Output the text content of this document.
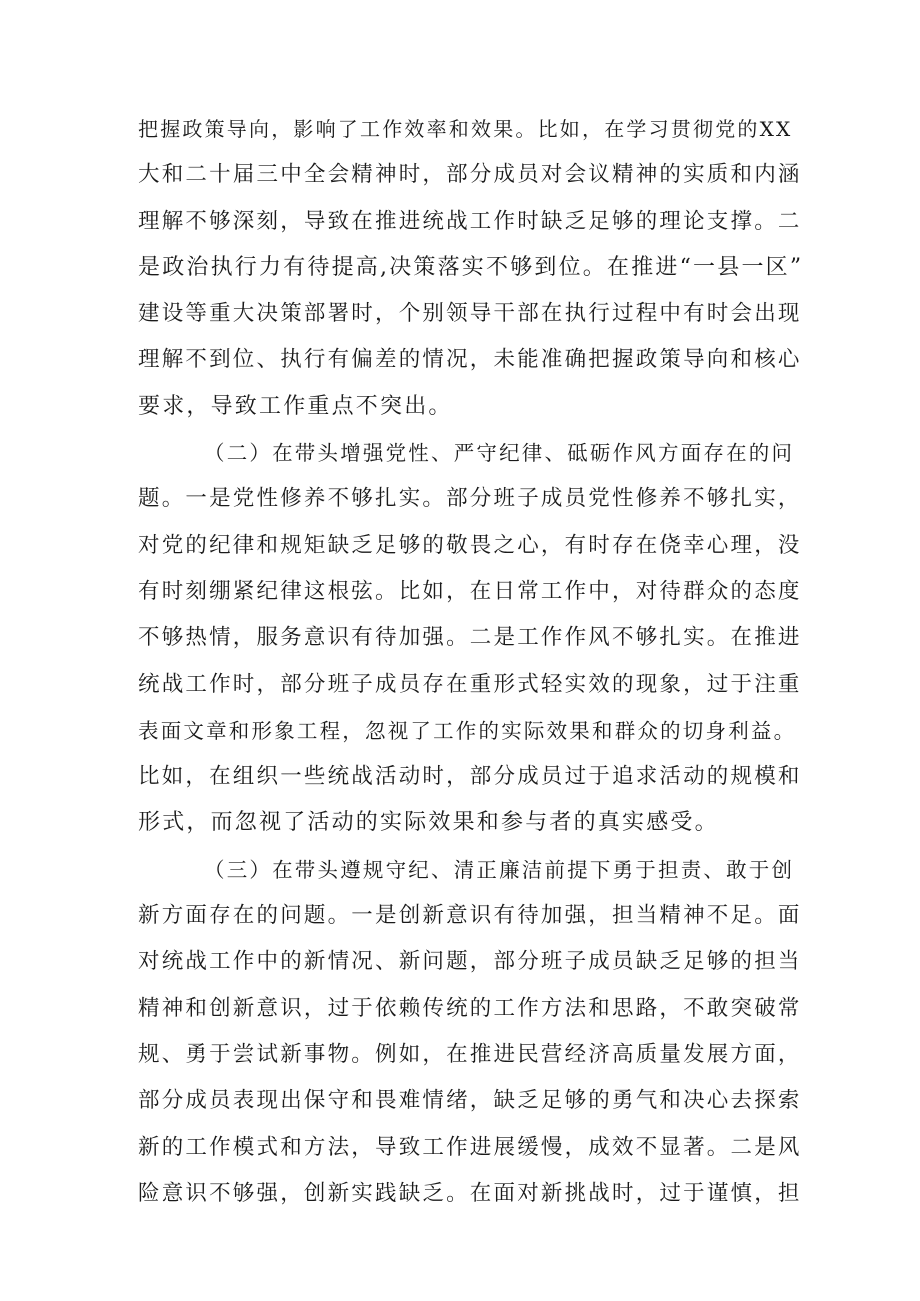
把握政策导向，影响了工作效率和效果。比如，在学习贯彻党的XX
大和二十届三中全会精神时，部分成员对会议精神的实质和内涵
理解不够深刻，导致在推进统战工作时缺乏足够的理论支撑。二
是政治执行力有待提高,决策落实不够到位。在推进“一县一区”
建设等重大决策部署时，个别领导干部在执行过程中有时会出现
理解不到位、执行有偏差的情况，未能准确把握政策导向和核心
要求，导致工作重点不突出。
（二）在带头增强党性、严守纪律、砥砺作风方面存在的问
题。一是党性修养不够扎实。部分班子成员党性修养不够扎实，
对党的纪律和规矩缺乏足够的敬畏之心，有时存在侥幸心理，没
有时刻绷紧纪律这根弦。比如，在日常工作中，对待群众的态度
不够热情，服务意识有待加强。二是工作作风不够扎实。在推进
统战工作时，部分班子成员存在重形式轻实效的现象，过于注重
表面文章和形象工程，忽视了工作的实际效果和群众的切身利益。
比如，在组织一些统战活动时，部分成员过于追求活动的规模和
形式，而忽视了活动的实际效果和参与者的真实感受。
（三）在带头遵规守纪、清正廉洁前提下勇于担责、敢于创
新方面存在的问题。一是创新意识有待加强，担当精神不足。面
对统战工作中的新情况、新问题，部分班子成员缺乏足够的担当
精神和创新意识，过于依赖传统的工作方法和思路，不敢突破常
规、勇于尝试新事物。例如，在推进民营经济高质量发展方面，
部分成员表现出保守和畏难情绪，缺乏足够的勇气和决心去探索
新的工作模式和方法，导致工作进展缓慢，成效不显著。二是风
险意识不够强，创新实践缺乏。在面对新挑战时，过于谨慎，担
